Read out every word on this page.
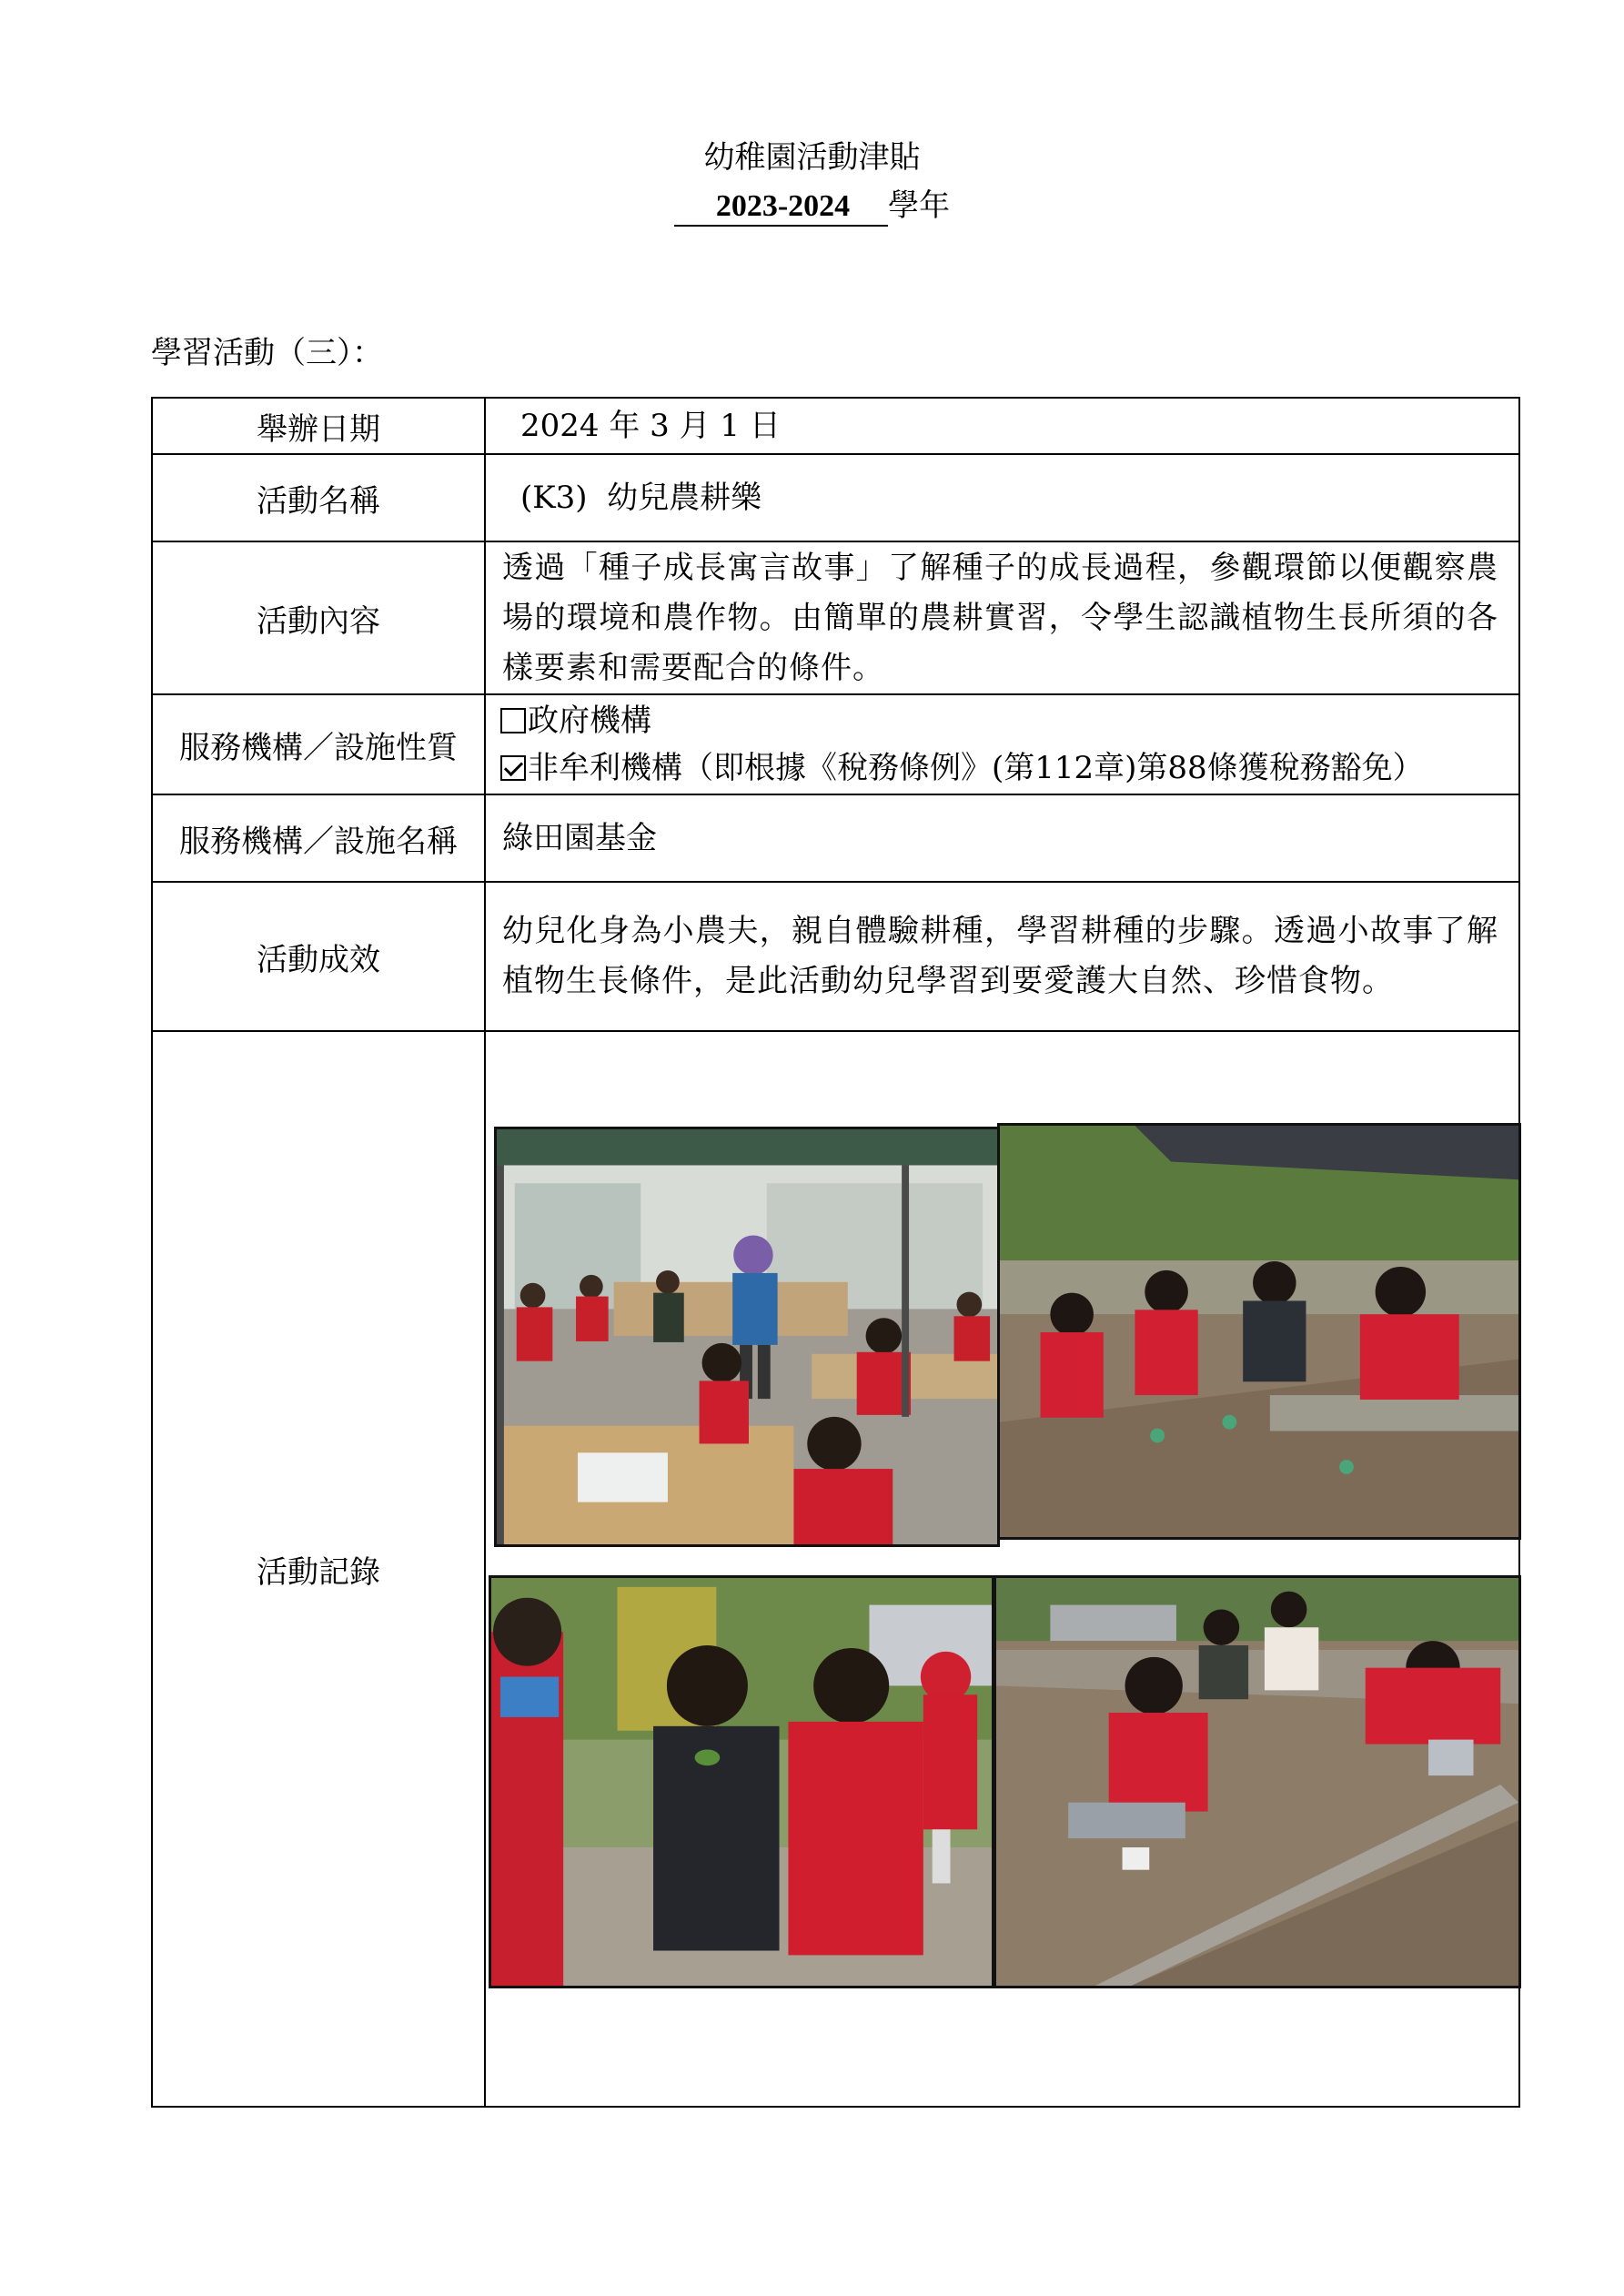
幼稚園活動津貼
2023-2024 學年
學習活動（三）：
舉辦日期	2024 年 3 月 1 日
活動名稱	(K3)  幼兒農耕樂
活動內容	透過「種子成長寓言故事」了解種子的成長過程，參觀環節以便觀察農場的環境和農作物。由簡單的農耕實習，令學生認識植物生長所須的各樣要素和需要配合的條件。
服務機構／設施性質	政府機構
非牟利機構（即根據《稅務條例》(第112章)第88條獲稅務豁免）

服務機構／設施名稱	綠田園基金
活動成效	幼兒化身為小農夫，親自體驗耕種，學習耕種的步驟。透過小故事了解植物生長條件，是此活動幼兒學習到要愛護大自然、珍惜食物。
活動記錄	
